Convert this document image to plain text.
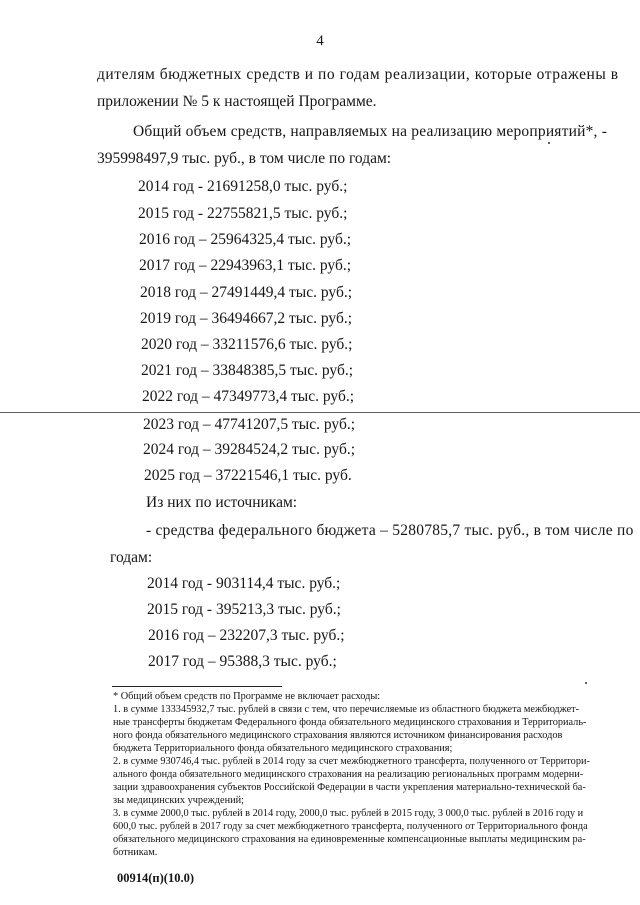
4
дителям бюджетных средств и по годам реализации, которые отражены в
приложении № 5 к настоящей Программе.
Общий объем средств, направляемых на реализацию мероприятий*, -
395998497,9 тыс. руб., в том числе по годам:
2014 год - 21691258,0 тыс. руб.;
2015 год - 22755821,5 тыс. руб.;
2016 год – 25964325,4 тыс. руб.;
2017 год – 22943963,1 тыс. руб.;
2018 год – 27491449,4 тыс. руб.;
2019 год – 36494667,2 тыс. руб.;
2020 год – 33211576,6 тыс. руб.;
2021 год – 33848385,5 тыс. руб.;
2022 год – 47349773,4 тыс. руб.;
2023 год – 47741207,5 тыс. руб.;
2024 год – 39284524,2 тыс. руб.;
2025 год – 37221546,1 тыс. руб.
Из них по источникам:
- средства федерального бюджета – 5280785,7 тыс. руб., в том числе по
годам:
2014 год - 903114,4 тыс. руб.;
2015 год - 395213,3 тыс. руб.;
2016 год – 232207,3 тыс. руб.;
2017 год – 95388,3 тыс. руб.;
* Общий объем средств по Программе не включает расходы:
1. в сумме 133345932,7 тыс. рублей в связи с тем, что перечисляемые из областного бюджета межбюджет-
ные трансферты бюджетам Федерального фонда обязательного медицинского страхования и Территориаль-
ного фонда обязательного медицинского страхования являются источником финансирования расходов
бюджета Территориального фонда обязательного медицинского страхования;
2. в сумме 930746,4 тыс. рублей в 2014 году за счет межбюджетного трансферта, полученного от Территори-
ального фонда обязательного медицинского страхования на реализацию региональных программ модерни-
зации здравоохранения субъектов Российской Федерации в части укрепления материально-технической ба-
зы медицинских учреждений;
3. в сумме 2000,0 тыс. рублей в 2014 году, 2000,0 тыс. рублей в 2015 году, 3 000,0 тыс. рублей в 2016 году и
600,0 тыс. рублей в 2017 году за счет межбюджетного трансферта, полученного от Территориального фонда
обязательного медицинского страхования на единовременные компенсационные выплаты медицинским ра-
ботникам.
00914(п)(10.0)
